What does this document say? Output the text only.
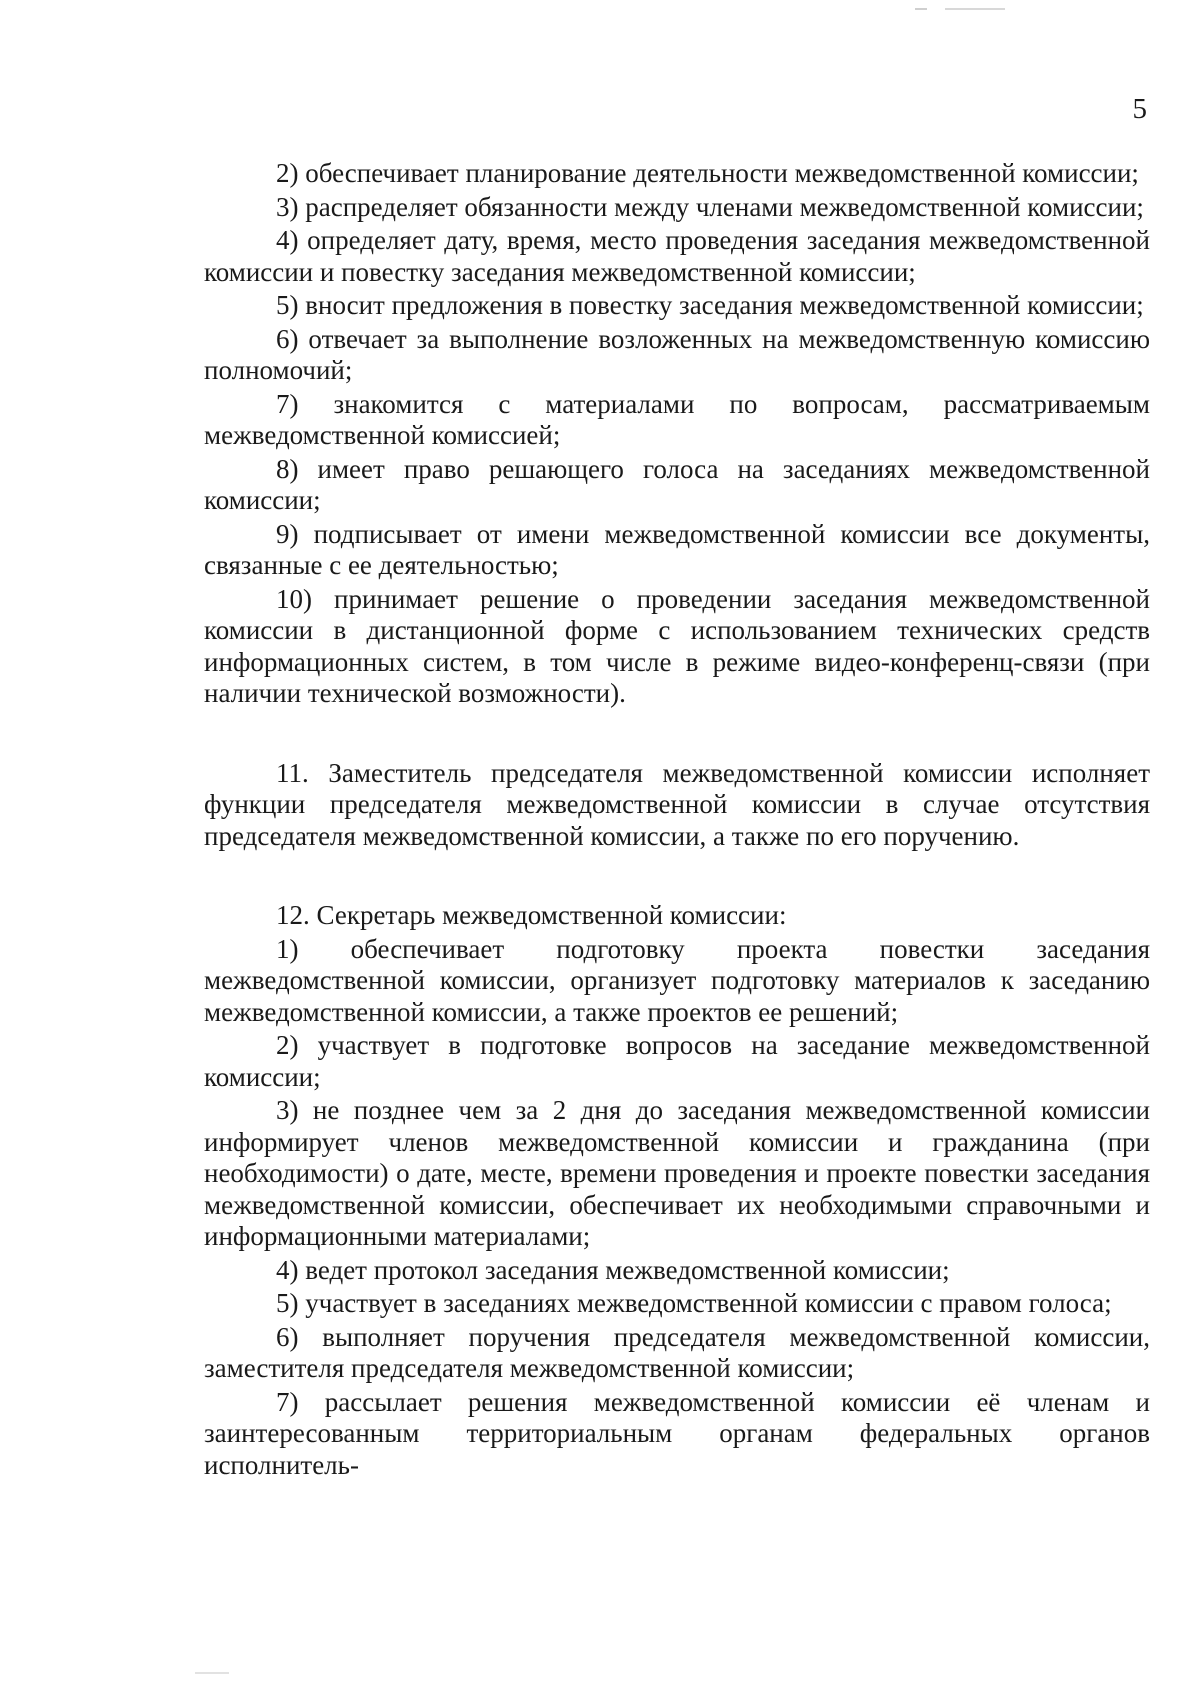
5

2) обеспечивает планирование деятельности межведомственной комиссии;

3) распределяет обязанности между членами межведомственной комиссии;

4) определяет дату, время, место проведения заседания межведомственной комиссии и повестку заседания межведомственной комиссии;

5) вносит предложения в повестку заседания межведомственной комиссии;

6) отвечает за выполнение возложенных на межведомственную комиссию полномочий;

7) знакомится с материалами по вопросам, рассматриваемым межведомственной комиссией;

8) имеет право решающего голоса на заседаниях межведомственной комиссии;

9) подписывает от имени межведомственной комиссии все документы, связанные с ее деятельностью;

10) принимает решение о проведении заседания межведомственной комиссии в дистанционной форме с использованием технических средств информационных систем, в том числе в режиме видео-конференц-связи (при наличии технической возможности).

11. Заместитель председателя межведомственной комиссии исполняет функции председателя межведомственной комиссии в случае отсутствия председателя межведомственной комиссии, а также по его поручению.

12. Секретарь межведомственной комиссии:

1) обеспечивает подготовку проекта повестки заседания межведомственной комиссии, организует подготовку материалов к заседанию межведомственной комиссии, а также проектов ее решений;

2) участвует в подготовке вопросов на заседание межведомственной комиссии;

3) не позднее чем за 2 дня до заседания межведомственной комиссии информирует членов межведомственной комиссии и гражданина (при необходимости) о дате, месте, времени проведения и проекте повестки заседания межведомственной комиссии, обеспечивает их необходимыми справочными и информационными материалами;

4) ведет протокол заседания межведомственной комиссии;

5) участвует в заседаниях межведомственной комиссии с правом голоса;

6) выполняет поручения председателя межведомственной комиссии, заместителя председателя межведомственной комиссии;

7) рассылает решения межведомственной комиссии её членам и заинтересованным территориальным органам федеральных органов исполнитель-
